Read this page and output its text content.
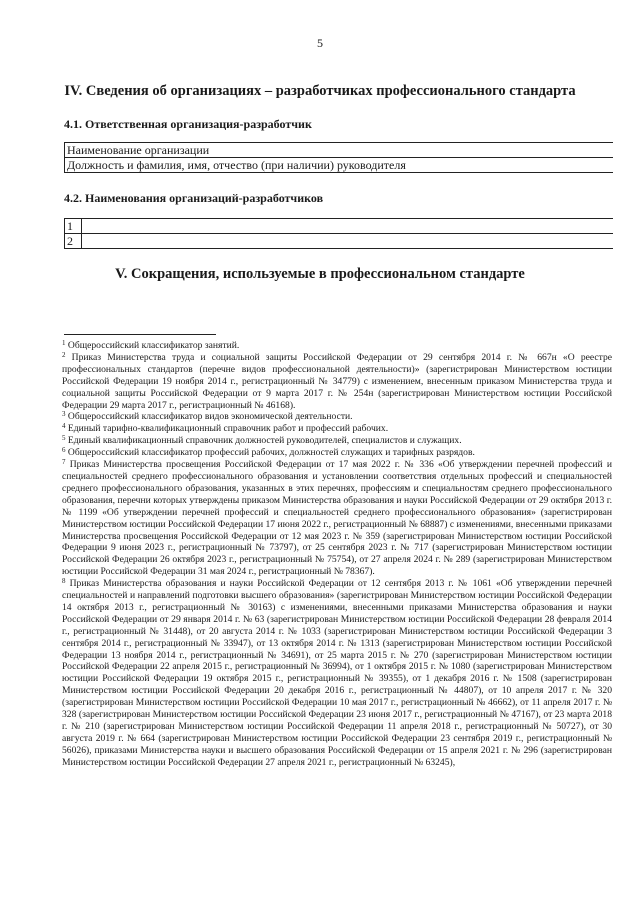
5
IV. Сведения об организациях – разработчиках профессионального стандарта
4.1. Ответственная организация-разработчик
Наименование организации	
Должность и фамилия, имя, отчество (при наличии) руководителя	
4.2. Наименования организаций-разработчиков
1	
2	
V. Сокращения, используемые в профессиональном стандарте

$^1$ Общероссийский классификатор занятий.

$^2$ Приказ Министерства труда и социальной защиты Российской Федерации от 29 сентября 2014 г. № 667н «О реестре профессиональных стандартов (перечне видов профессиональной деятельности)» (зарегистрирован Министерством юстиции Российской Федерации 19 ноября 2014 г., регистрационный № 34779) с изменением, внесенным приказом Министерства труда и социальной защиты Российской Федерации от 9 марта 2017 г. № 254н (зарегистрирован Министерством юстиции Российской Федерации 29 марта 2017 г., регистрационный № 46168).

$^3$ Общероссийский классификатор видов экономической деятельности.

$^4$ Единый тарифно-квалификационный справочник работ и профессий рабочих.

$^5$ Единый квалификационный справочник должностей руководителей, специалистов и служащих.

$^6$ Общероссийский классификатор профессий рабочих, должностей служащих и тарифных разрядов.

$^7$ Приказ Министерства просвещения Российской Федерации от 17 мая 2022 г. № 336 «Об утверждении перечней профессий и специальностей среднего профессионального образования и установлении соответствия отдельных профессий и специальностей среднего профессионального образования, указанных в этих перечнях, профессиям и специальностям среднего профессионального образования, перечни которых утверждены приказом Министерства образования и науки Российской Федерации от 29 октября 2013 г. № 1199 «Об утверждении перечней профессий и специальностей среднего профессионального образования» (зарегистрирован Министерством юстиции Российской Федерации 17 июня 2022 г., регистрационный № 68887) с изменениями, внесенными приказами Министерства просвещения Российской Федерации от 12 мая 2023 г. № 359 (зарегистрирован Министерством юстиции Российской Федерации 9 июня 2023 г., регистрационный № 73797), от 25 сентября 2023 г. № 717 (зарегистрирован Министерством юстиции Российской Федерации 26 октября 2023 г., регистрационный № 75754), от 27 апреля 2024 г. № 289 (зарегистрирован Министерством юстиции Российской Федерации 31 мая 2024 г., регистрационный № 78367).

$^8$ Приказ Министерства образования и науки Российской Федерации от 12 сентября 2013 г. № 1061 «Об утверждении перечней специальностей и направлений подготовки высшего образования» (зарегистрирован Министерством юстиции Российской Федерации 14 октября 2013 г., регистрационный № 30163) с изменениями, внесенными приказами Министерства образования и науки Российской Федерации от 29 января 2014 г. № 63 (зарегистрирован Министерством юстиции Российской Федерации 28 февраля 2014 г., регистрационный № 31448), от 20 августа 2014 г. № 1033 (зарегистрирован Министерством юстиции Российской Федерации 3 сентября 2014 г., регистрационный № 33947), от 13 октября 2014 г. № 1313 (зарегистрирован Министерством юстиции Российской Федерации 13 ноября 2014 г., регистрационный № 34691), от 25 марта 2015 г. № 270 (зарегистрирован Министерством юстиции Российской Федерации 22 апреля 2015 г., регистрационный № 36994), от 1 октября 2015 г. № 1080 (зарегистрирован Министерством юстиции Российской Федерации 19 октября 2015 г., регистрационный № 39355), от 1 декабря 2016 г. № 1508 (зарегистрирован Министерством юстиции Российской Федерации 20 декабря 2016 г., регистрационный № 44807), от 10 апреля 2017 г. № 320 (зарегистрирован Министерством юстиции Российской Федерации 10 мая 2017 г., регистрационный № 46662), от 11 апреля 2017 г. № 328 (зарегистрирован Министерством юстиции Российской Федерации 23 июня 2017 г., регистрационный № 47167), от 23 марта 2018 г. № 210 (зарегистрирован Министерством юстиции Российской Федерации 11 апреля 2018 г., регистрационный № 50727), от 30 августа 2019 г. № 664 (зарегистрирован Министерством юстиции Российской Федерации 23 сентября 2019 г., регистрационный № 56026), приказами Министерства науки и высшего образования Российской Федерации от 15 апреля 2021 г. № 296 (зарегистрирован Министерством юстиции Российской Федерации 27 апреля 2021 г., регистрационный № 63245),
